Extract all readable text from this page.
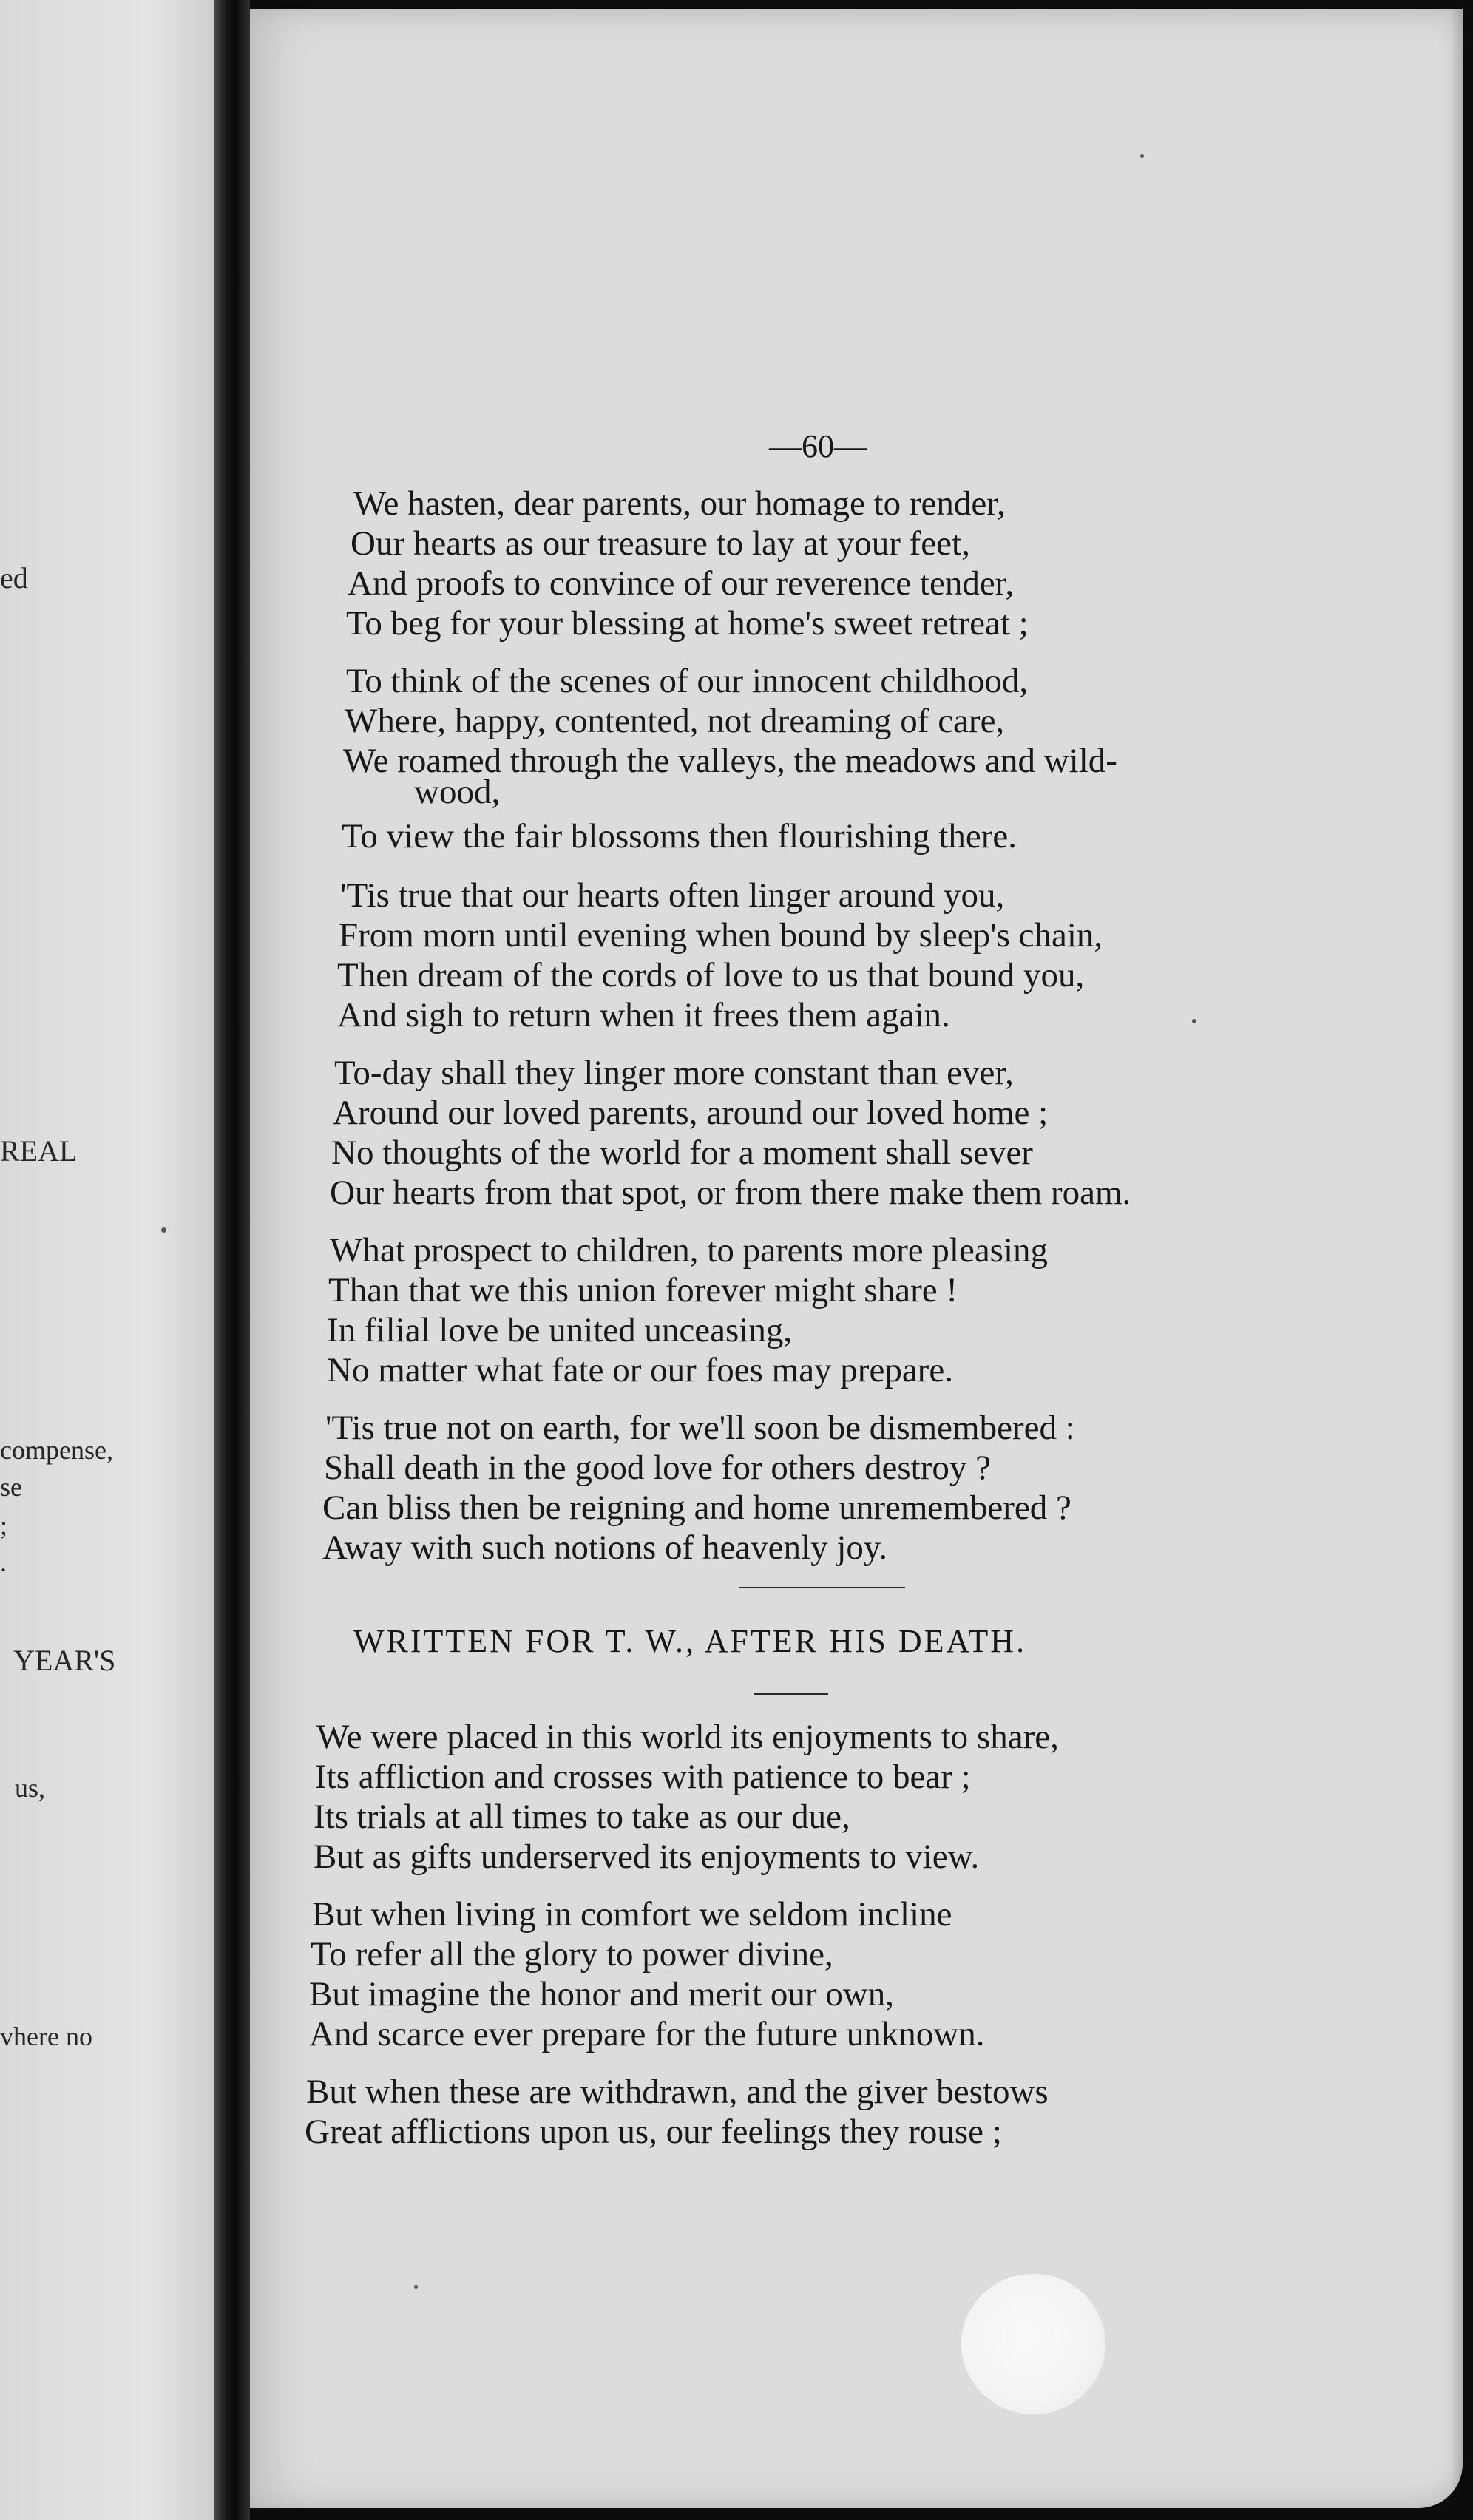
ed
REAL
compense,
se
;
.
YEAR'S
us,
vhere no
—60—
We hasten, dear parents, our homage to render,
Our hearts as our treasure to lay at your feet,
And proofs to convince of our reverence tender,
To beg for your blessing at home's sweet retreat ;
To think of the scenes of our innocent childhood,
Where, happy, contented, not dreaming of care,
We roamed through the valleys, the meadows and wild-
wood,
To view the fair blossoms then flourishing there.
'Tis true that our hearts often linger around you,
From morn until evening when bound by sleep's chain,
Then dream of the cords of love to us that bound you,
And sigh to return when it frees them again.
To-day shall they linger more constant than ever,
Around our loved parents, around our loved home ;
No thoughts of the world for a moment shall sever
Our hearts from that spot, or from there make them roam.
What prospect to children, to parents more pleasing
Than that we this union forever might share !
In filial love be united unceasing,
No matter what fate or our foes may prepare.
'Tis true not on earth, for we'll soon be dismembered :
Shall death in the good love for others destroy ?
Can bliss then be reigning and home unremembered ?
Away with such notions of heavenly joy.
WRITTEN FOR T. W., AFTER HIS DEATH.
We were placed in this world its enjoyments to share,
Its affliction and crosses with patience to bear ;
Its trials at all times to take as our due,
But as gifts underserved its enjoyments to view.
But when living in comfort we seldom incline
To refer all the glory to power divine,
But imagine the honor and merit our own,
And scarce ever prepare for the future unknown.
But when these are withdrawn, and the giver bestows
Great afflictions upon us, our feelings they rouse ;
